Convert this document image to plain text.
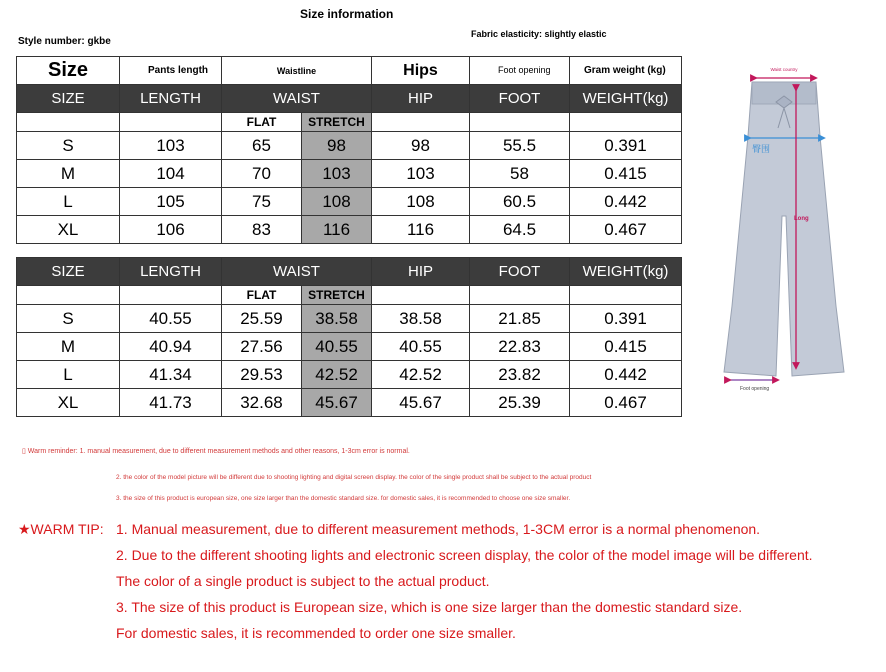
Size information
Style number: gkbe
Fabric elasticity: slightly elastic
Size	Pants length	Waistline		Hips	Foot opening	Gram weight (kg)
SIZE	LENGTH	WAIST		HIP	FOOT	WEIGHT(kg)
		FLAT	STRETCH			
S	103	65	98	98	55.5	0.391
M	104	70	103	103	58	0.415
L	105	75	108	108	60.5	0.442
XL	106	83	116	116	64.5	0.467
SIZE	LENGTH	WAIST		HIP	FOOT	WEIGHT(kg)
		FLAT	STRETCH			
S	40.55	25.59	38.58	38.58	21.85	0.391
M	40.94	27.56	40.55	40.55	22.83	0.415
L	41.34	29.53	42.52	42.52	23.82	0.442
XL	41.73	32.68	45.67	45.67	25.39	0.467
Waist country
臀围
Long
Foot opening
▯ Warm reminder: 1. manual measurement, due to different measurement methods and other reasons, 1-3cm error is normal.
2. the color of the model picture will be different due to shooting lighting and digital screen display. the color of the single product shall be subject to the actual product
3. the size of this product is european size, one size larger than the domestic standard size. for domestic sales, it is recommended to choose one size smaller.
★WARM TIP: 1. Manual measurement, due to different measurement methods, 1-3CM error is a normal phenomenon.
2. Due to the different shooting lights and electronic screen display, the color of the model image will be different.
The color of a single product is subject to the actual product.
3. The size of this product is European size, which is one size larger than the domestic standard size.
For domestic sales, it is recommended to order one size smaller.
